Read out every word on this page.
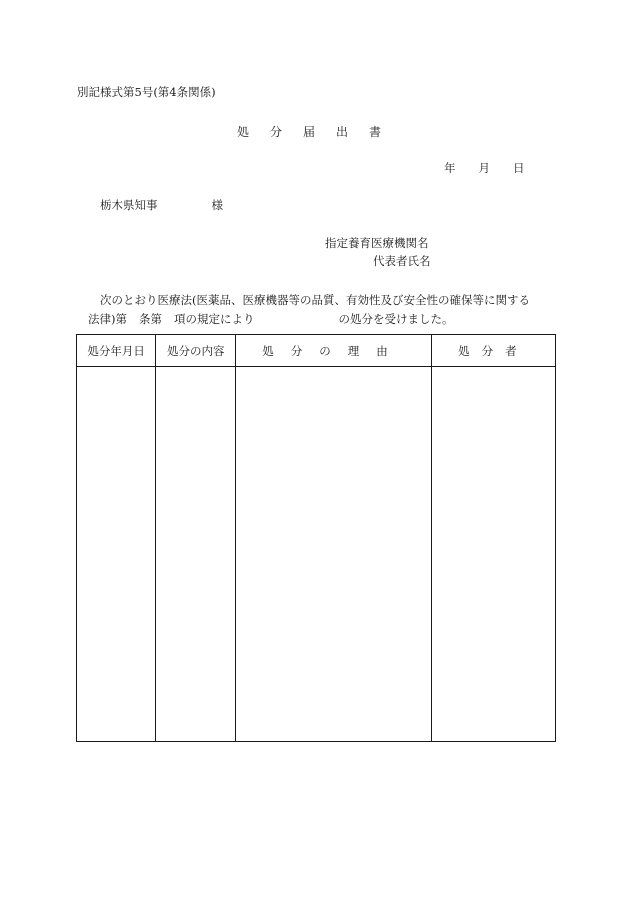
別記様式第5号(第4条関係)
処分届出書
年 月 日
栃木県知事	様
指定養育医療機関名
代表者氏名
次のとおり医療法(医薬品、医療機器等の品質、有効性及び安全性の確保等に関する
法律)第 条第 項の規定により	の処分を受けました。
処分年月日	処分の内容	処分の理由	処分者
